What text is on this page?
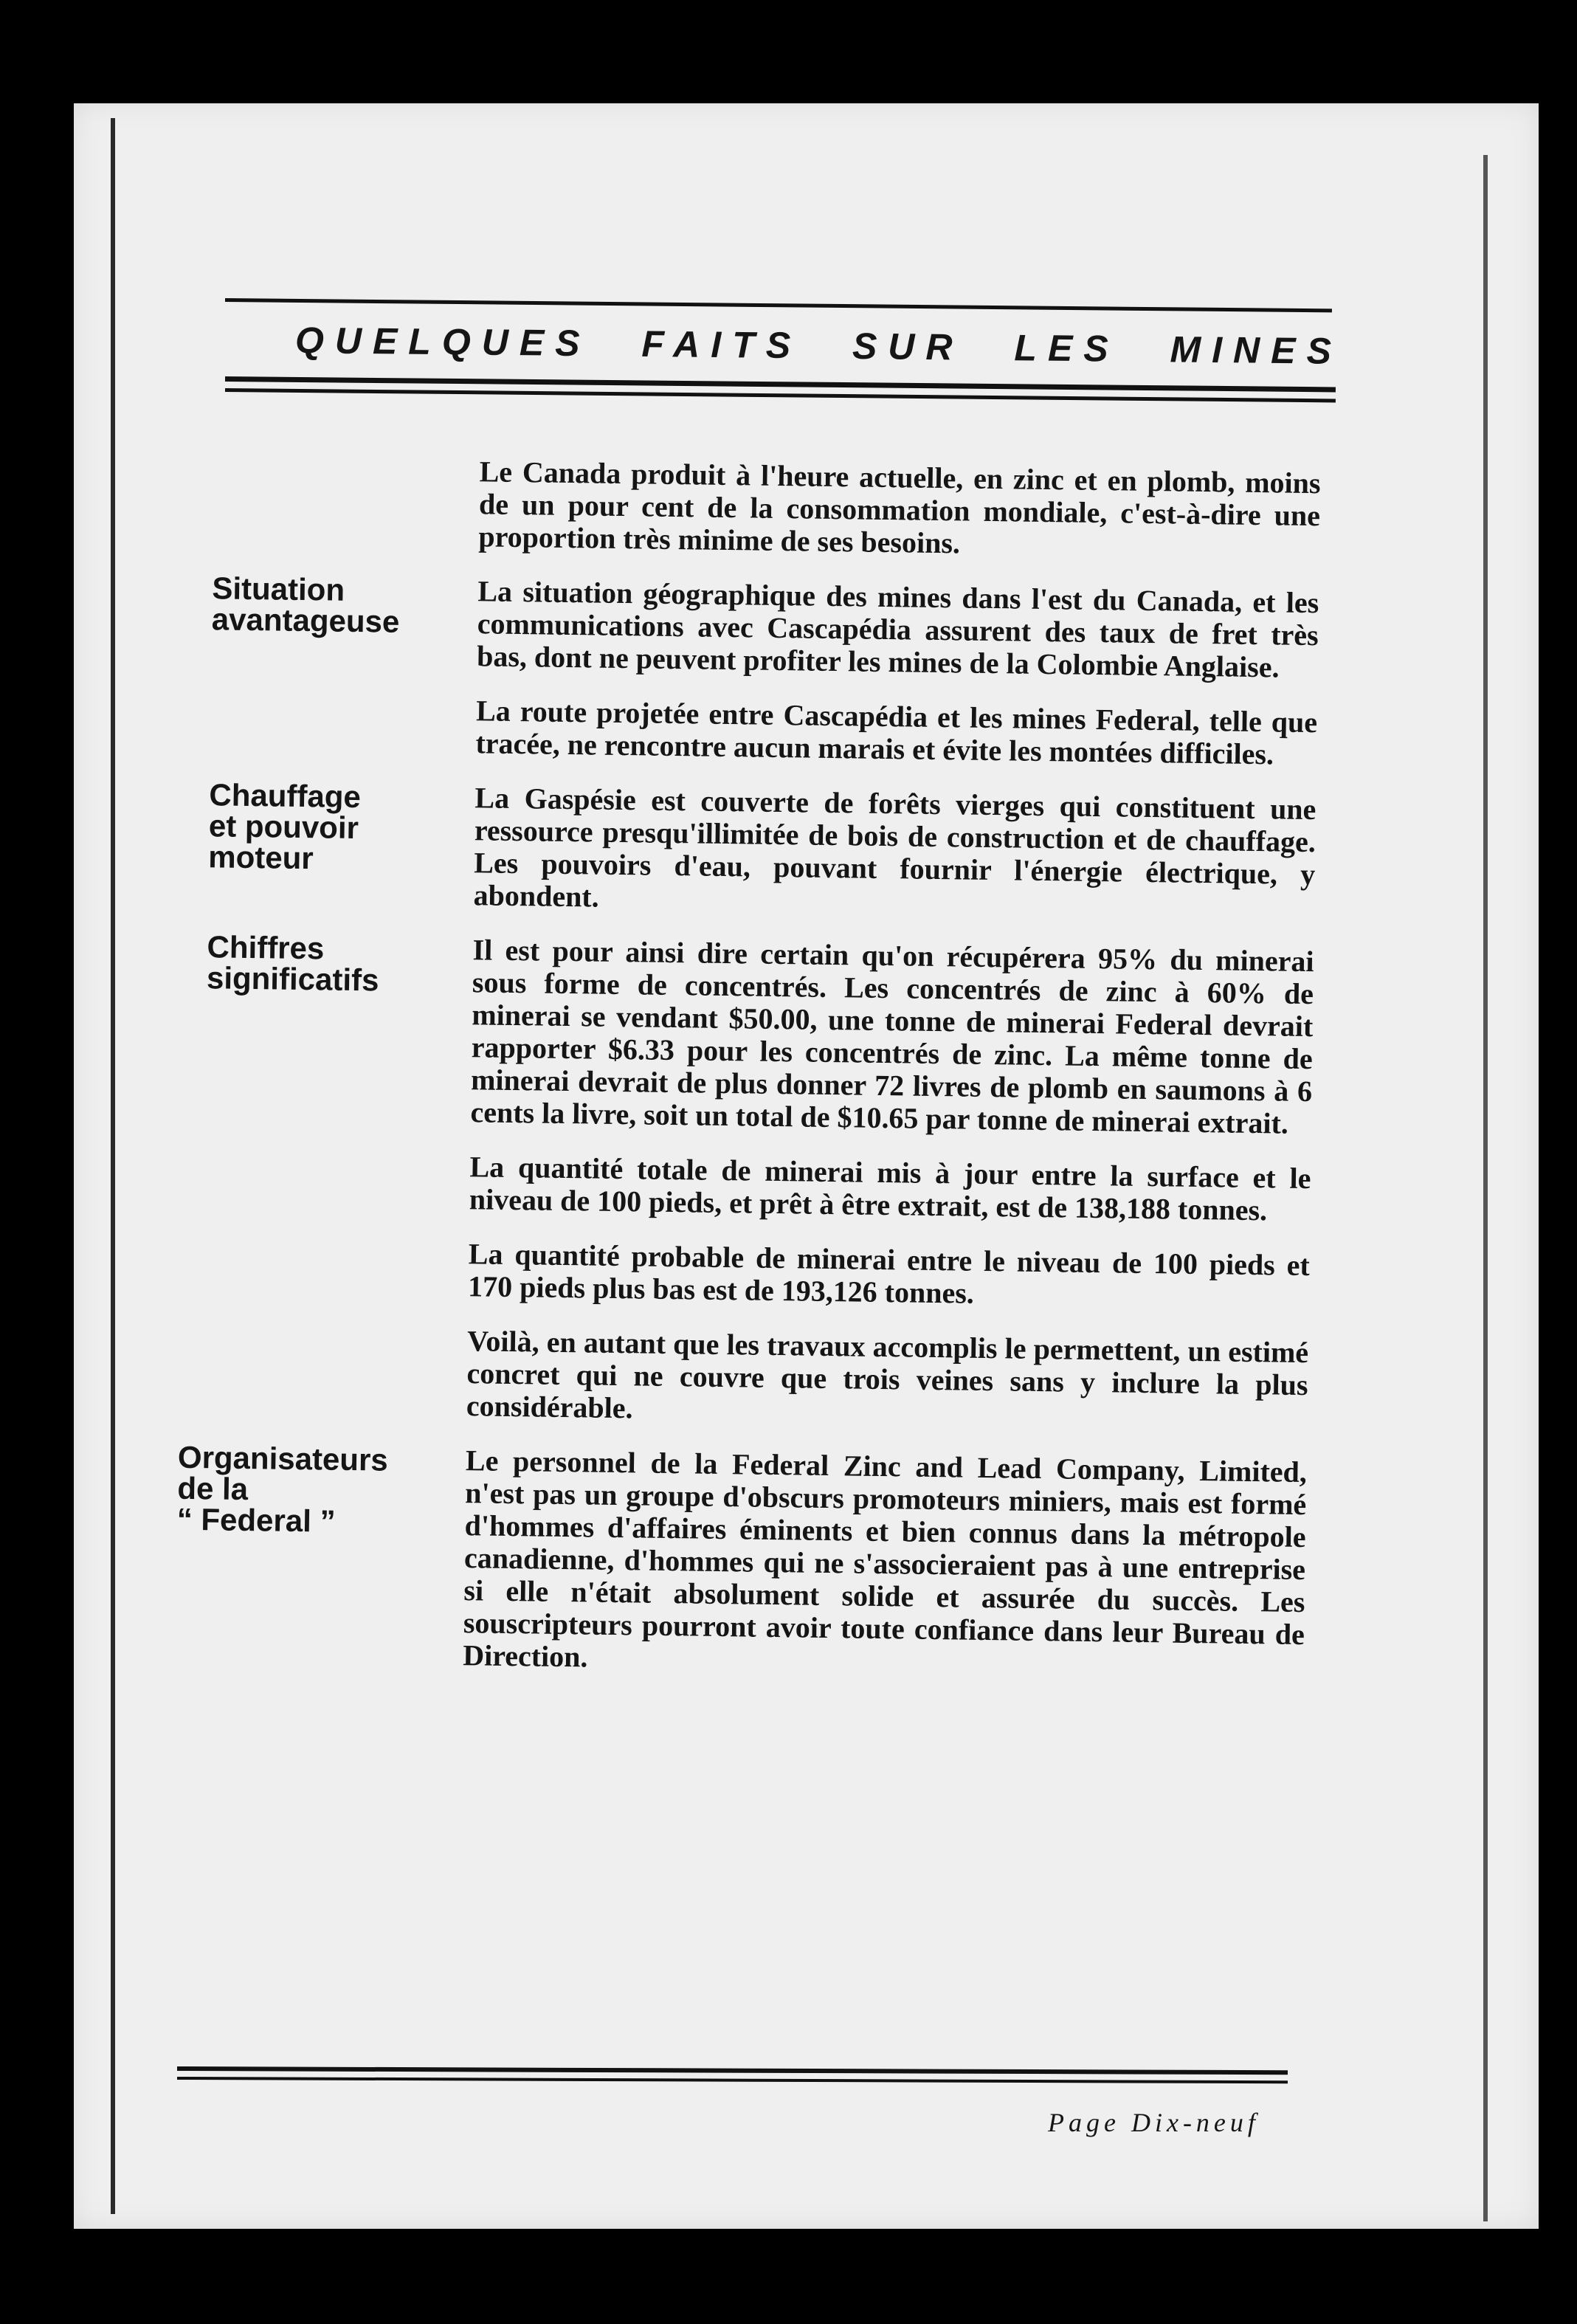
QUELQUES FAITS SUR LES MINES
Le Canada produit à l'heure actuelle, en zinc et en plomb, moins de un pour cent de la consommation mondiale, c'est-à-dire une proportion très minime de ses besoins.
Situation
avantageuse
La situation géographique des mines dans l'est du Canada, et les communications avec Cascapédia assurent des taux de fret très bas, dont ne peuvent profiter les mines de la Colombie Anglaise.
La route projetée entre Cascapédia et les mines Federal, telle que tracée, ne rencontre aucun marais et évite les montées difficiles.
Chauffage
et pouvoir
moteur
La Gaspésie est couverte de forêts vierges qui constituent une ressource presqu'illimitée de bois de construction et de chauffage. Les pouvoirs d'eau, pouvant fournir l'énergie électrique, y abondent.
Chiffres
significatifs
Il est pour ainsi dire certain qu'on récupérera 95% du minerai sous forme de concentrés. Les concentrés de zinc à 60% de minerai se vendant $50.00, une tonne de minerai Federal devrait rapporter $6.33 pour les concentrés de zinc. La même tonne de minerai devrait de plus donner 72 livres de plomb en saumons à 6 cents la livre, soit un total de $10.65 par tonne de minerai extrait.
La quantité totale de minerai mis à jour entre la surface et le niveau de 100 pieds, et prêt à être extrait, est de 138,188 tonnes.
La quantité probable de minerai entre le niveau de 100 pieds et 170 pieds plus bas est de 193,126 tonnes.
Voilà, en autant que les travaux accomplis le permettent, un estimé concret qui ne couvre que trois veines sans y inclure la plus considérable.
Organisateurs
de la
“ Federal ”
Le personnel de la Federal Zinc and Lead Company, Limited, n'est pas un groupe d'obscurs promoteurs miniers, mais est formé d'hommes d'affaires éminents et bien connus dans la métropole canadienne, d'hommes qui ne s'associeraient pas à une entreprise si elle n'était absolument solide et assurée du succès. Les souscripteurs pourront avoir toute confiance dans leur Bureau de Direction.
Page Dix-neuf
